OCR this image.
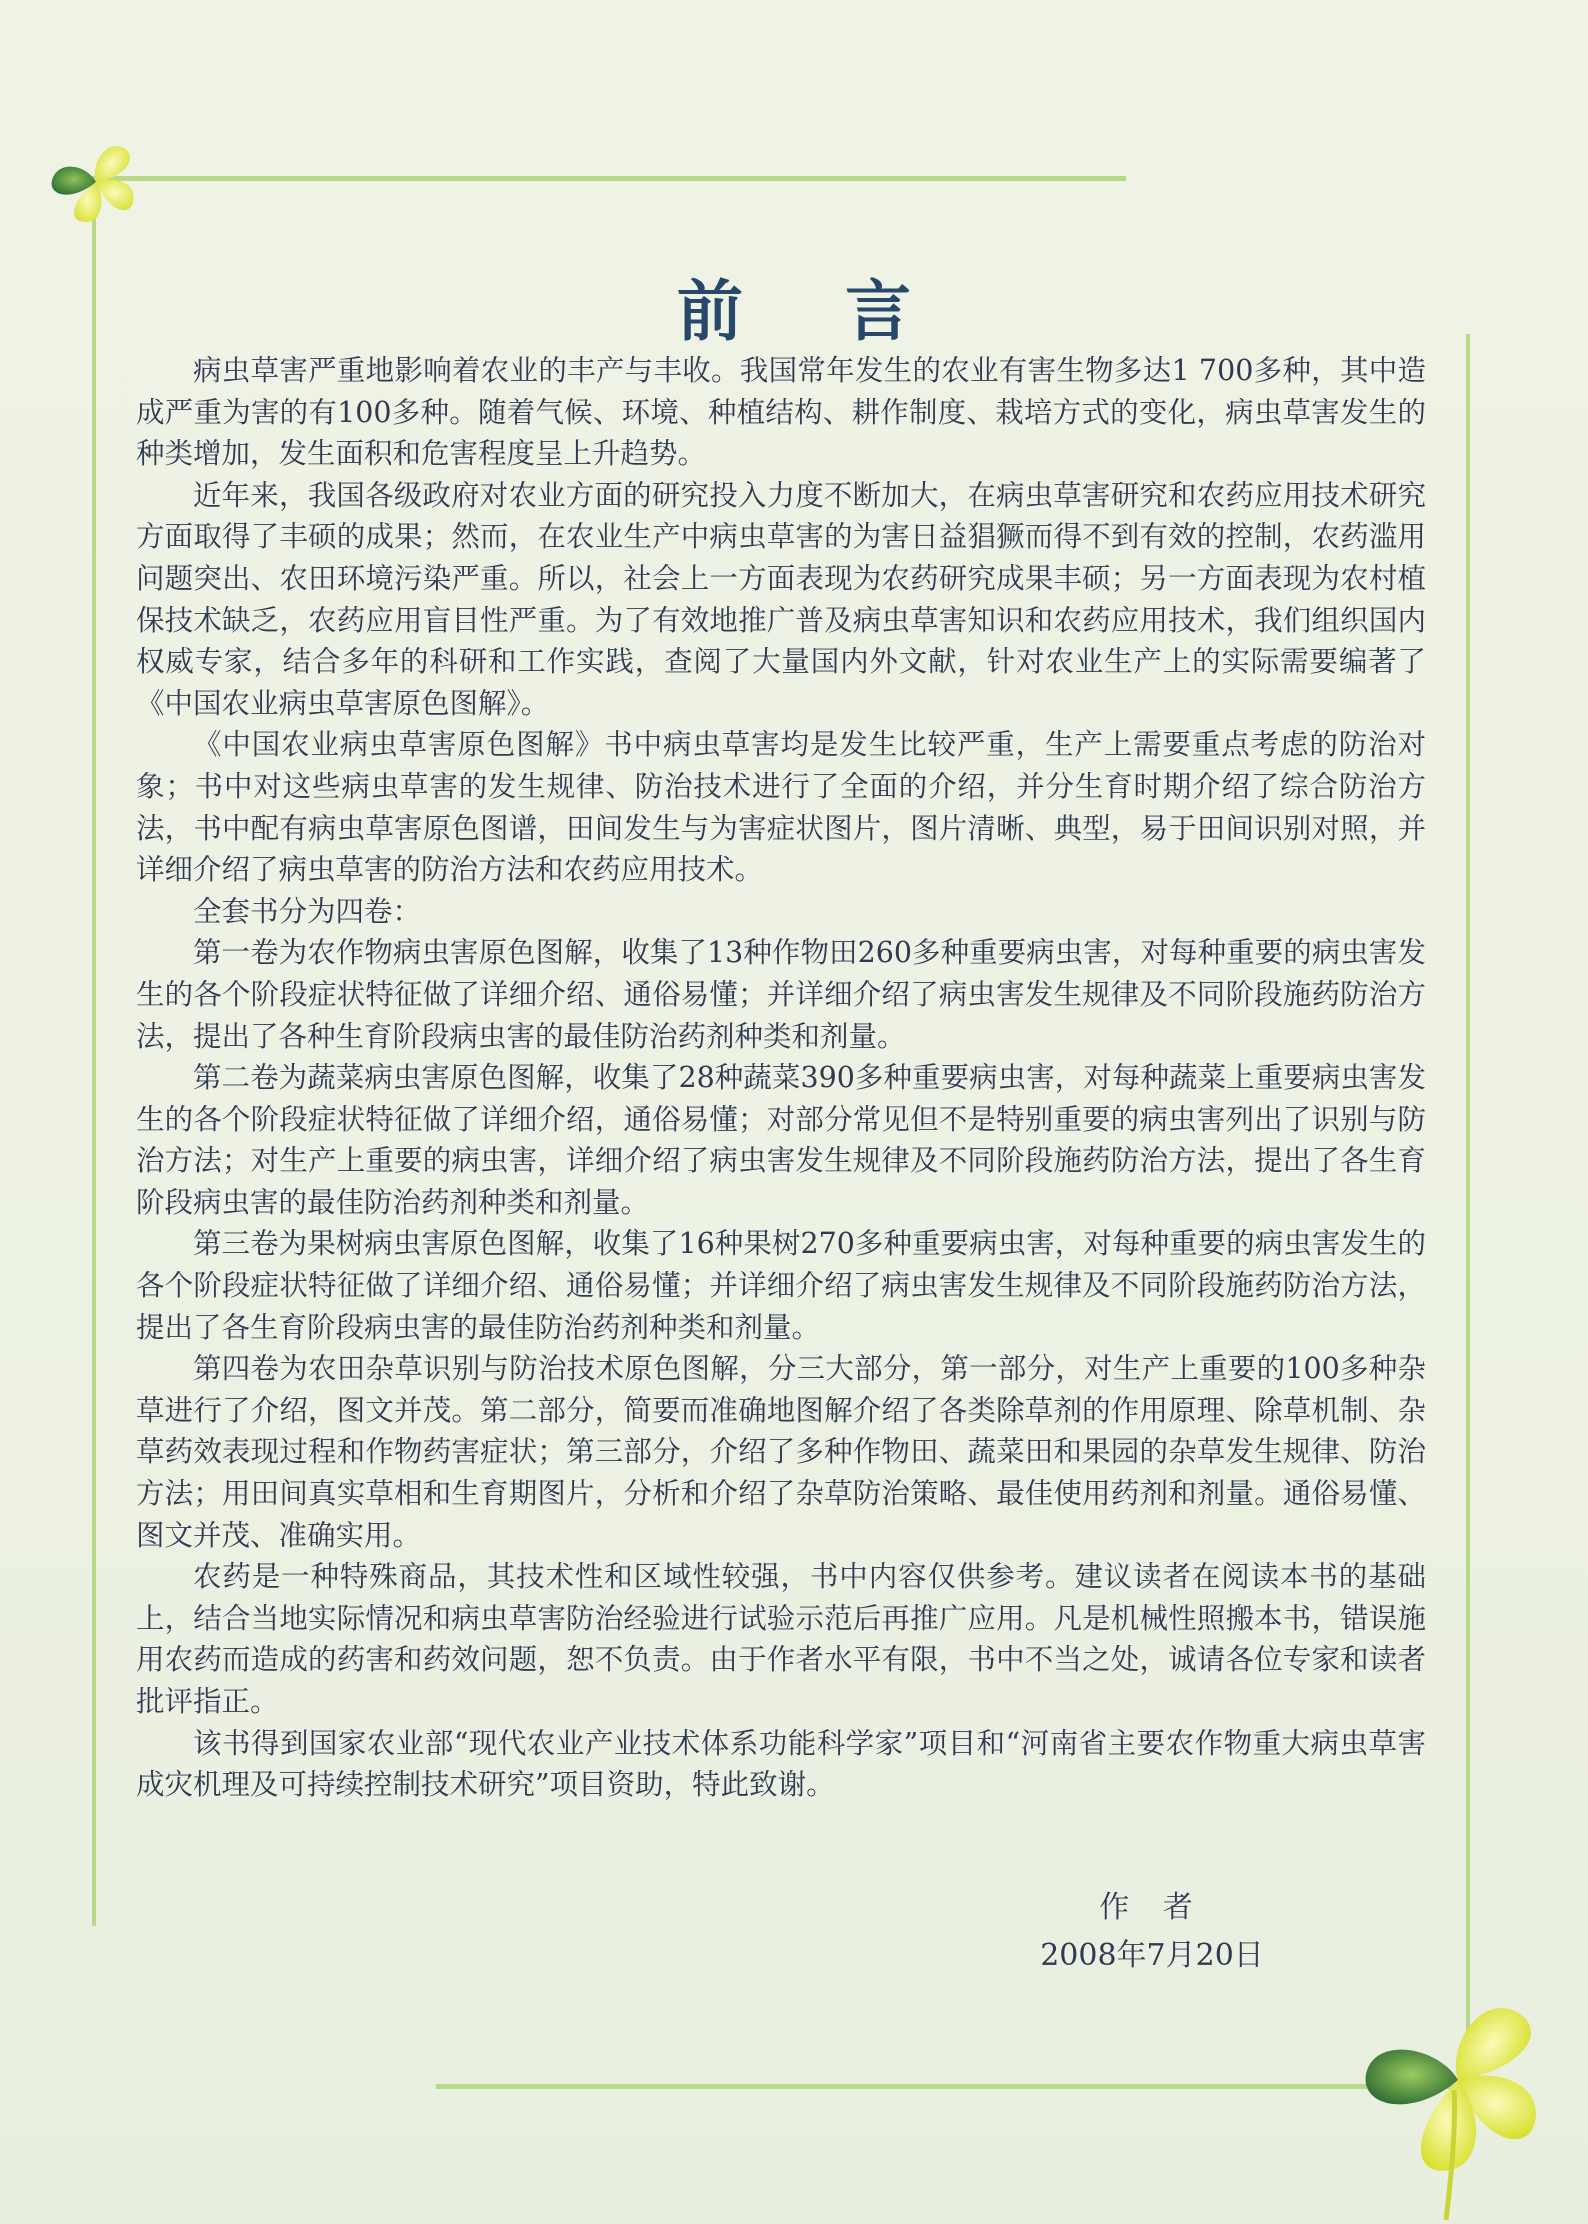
前 言

病虫草害严重地影响着农业的丰产与丰收。我国常年发生的农业有害生物多达1 700多种，其中造成严重为害的有100多种。随着气候、环境、种植结构、耕作制度、栽培方式的变化，病虫草害发生的种类增加，发生面积和危害程度呈上升趋势。

近年来，我国各级政府对农业方面的研究投入力度不断加大，在病虫草害研究和农药应用技术研究方面取得了丰硕的成果；然而，在农业生产中病虫草害的为害日益猖獗而得不到有效的控制，农药滥用问题突出、农田环境污染严重。所以，社会上一方面表现为农药研究成果丰硕；另一方面表现为农村植保技术缺乏，农药应用盲目性严重。为了有效地推广普及病虫草害知识和农药应用技术，我们组织国内权威专家，结合多年的科研和工作实践，查阅了大量国内外文献，针对农业生产上的实际需要编著了《中国农业病虫草害原色图解》。

《中国农业病虫草害原色图解》书中病虫草害均是发生比较严重，生产上需要重点考虑的防治对象；书中对这些病虫草害的发生规律、防治技术进行了全面的介绍，并分生育时期介绍了综合防治方法，书中配有病虫草害原色图谱，田间发生与为害症状图片，图片清晰、典型，易于田间识别对照，并详细介绍了病虫草害的防治方法和农药应用技术。

全套书分为四卷：

第一卷为农作物病虫害原色图解，收集了13种作物田260多种重要病虫害，对每种重要的病虫害发生的各个阶段症状特征做了详细介绍、通俗易懂；并详细介绍了病虫害发生规律及不同阶段施药防治方法，提出了各种生育阶段病虫害的最佳防治药剂种类和剂量。

第二卷为蔬菜病虫害原色图解，收集了28种蔬菜390多种重要病虫害，对每种蔬菜上重要病虫害发生的各个阶段症状特征做了详细介绍，通俗易懂；对部分常见但不是特别重要的病虫害列出了识别与防治方法；对生产上重要的病虫害，详细介绍了病虫害发生规律及不同阶段施药防治方法，提出了各生育阶段病虫害的最佳防治药剂种类和剂量。

第三卷为果树病虫害原色图解，收集了16种果树270多种重要病虫害，对每种重要的病虫害发生的各个阶段症状特征做了详细介绍、通俗易懂；并详细介绍了病虫害发生规律及不同阶段施药防治方法，提出了各生育阶段病虫害的最佳防治药剂种类和剂量。

第四卷为农田杂草识别与防治技术原色图解，分三大部分，第一部分，对生产上重要的100多种杂草进行了介绍，图文并茂。第二部分，简要而准确地图解介绍了各类除草剂的作用原理、除草机制、杂草药效表现过程和作物药害症状；第三部分，介绍了多种作物田、蔬菜田和果园的杂草发生规律、防治方法；用田间真实草相和生育期图片，分析和介绍了杂草防治策略、最佳使用药剂和剂量。通俗易懂、图文并茂、准确实用。

农药是一种特殊商品，其技术性和区域性较强，书中内容仅供参考。建议读者在阅读本书的基础上，结合当地实际情况和病虫草害防治经验进行试验示范后再推广应用。凡是机械性照搬本书，错误施用农药而造成的药害和药效问题，恕不负责。由于作者水平有限，书中不当之处，诚请各位专家和读者批评指正。

该书得到国家农业部“现代农业产业技术体系功能科学家”项目和“河南省主要农作物重大病虫草害成灾机理及可持续控制技术研究”项目资助，特此致谢。

作 者
2008年7月20日
